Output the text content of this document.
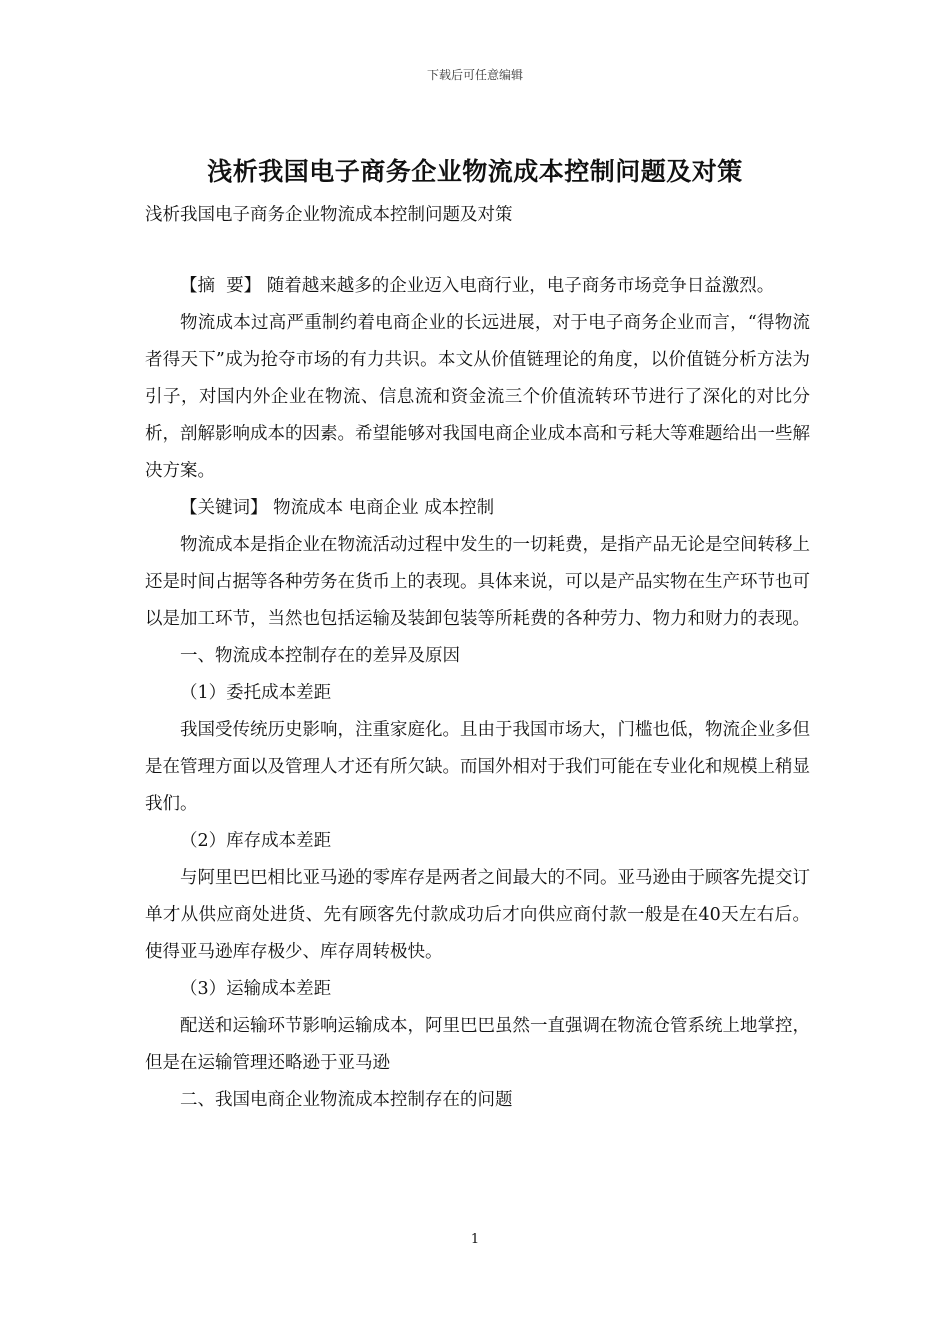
下载后可任意编辑
浅析我国电子商务企业物流成本控制问题及对策
浅析我国电子商务企业物流成本控制问题及对策

【摘  要】 随着越来越多的企业迈入电商行业，电子商务市场竞争日益激烈。

物流成本过高严重制约着电商企业的长远进展，对于电子商务企业而言，“得物流者得天下”成为抢夺市场的有力共识。本文从价值链理论的角度，以价值链分析方法为引子，对国内外企业在物流、信息流和资金流三个价值流转环节进行了深化的对比分析，剖解影响成本的因素。希望能够对我国电商企业成本高和亏耗大等难题给出一些解决方案。

【关键词】 物流成本 电商企业 成本控制

物流成本是指企业在物流活动过程中发生的一切耗费，是指产品无论是空间转移上还是时间占据等各种劳务在货币上的表现。具体来说，可以是产品实物在生产环节也可以是加工环节，当然也包括运输及装卸包装等所耗费的各种劳力、物力和财力的表现。

一、物流成本控制存在的差异及原因

（1）委托成本差距

我国受传统历史影响，注重家庭化。且由于我国市场大，门槛也低，物流企业多但是在管理方面以及管理人才还有所欠缺。而国外相对于我们可能在专业化和规模上稍显我们。

（2）库存成本差距

与阿里巴巴相比亚马逊的零库存是两者之间最大的不同。亚马逊由于顾客先提交订单才从供应商处进货、先有顾客先付款成功后才向供应商付款一般是在40天左右后。使得亚马逊库存极少、库存周转极快。

（3）运输成本差距

配送和运输环节影响运输成本，阿里巴巴虽然一直强调在物流仓管系统上地掌控，但是在运输管理还略逊于亚马逊

二、我国电商企业物流成本控制存在的问题

1
